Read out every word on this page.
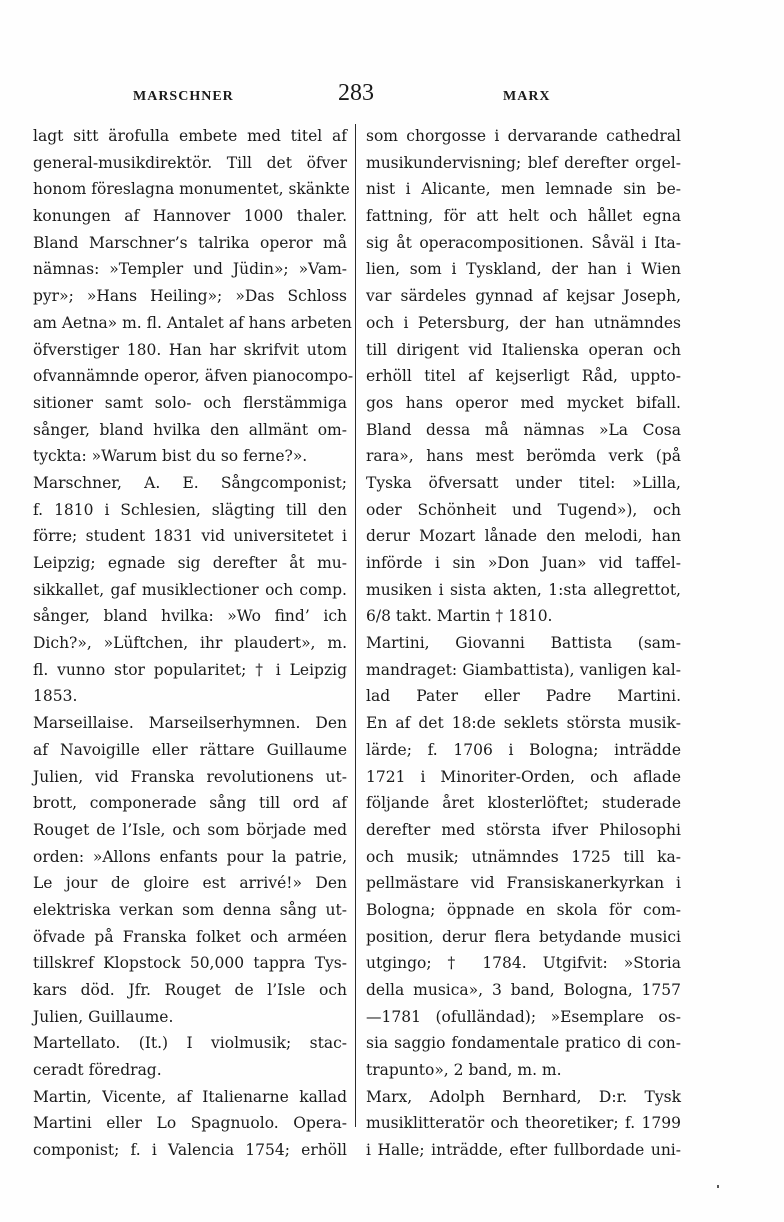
MARSCHNER	283	MARX
lagt sitt ärofulla embete med titel af
general-musikdirektör. Till det öfver
honom föreslagna monumentet, skänkte
konungen af Hannover 1000 thaler.
Bland Marschner’s talrika operor må
nämnas: »Templer und Jüdin»; »Vam-
pyr»; »Hans Heiling»; »Das Schloss
am Aetna» m. fl. Antalet af hans arbeten
öfverstiger 180. Han har skrifvit utom
ofvannämnde operor, äfven pianocompo-
sitioner samt solo- och flerstämmiga
sånger, bland hvilka den allmänt om-
tyckta: »Warum bist du so ferne?».
Marschner, A. E. Sångcomponist;
f. 1810 i Schlesien, slägting till den
förre; student 1831 vid universitetet i
Leipzig; egnade sig derefter åt mu-
sikkallet, gaf musiklectioner och comp.
sånger, bland hvilka: »Wo find’ ich
Dich?», »Lüftchen, ihr plaudert», m.
fl. vunno stor popularitet; † i Leipzig
1853.
Marseillaise. Marseilserhymnen. Den
af Navoigille eller rättare Guillaume
Julien, vid Franska revolutionens ut-
brott, componerade sång till ord af
Rouget de l’Isle, och som började med
orden: »Allons enfants pour la patrie,
Le jour de gloire est arrivé!» Den
elektriska verkan som denna sång ut-
öfvade på Franska folket och arméen
tillskref Klopstock 50,000 tappra Tys-
kars död. Jfr. Rouget de l’Isle och
Julien, Guillaume.
Martellato. (It.) I violmusik; stac-
ceradt föredrag.
Martin, Vicente, af Italienarne kallad
Martini eller Lo Spagnuolo. Opera-
componist; f. i Valencia 1754; erhöll
som chorgosse i dervarande cathedral
musikundervisning; blef derefter orgel-
nist i Alicante, men lemnade sin be-
fattning, för att helt och hållet egna
sig åt operacompositionen. Såväl i Ita-
lien, som i Tyskland, der han i Wien
var särdeles gynnad af kejsar Joseph,
och i Petersburg, der han utnämndes
till dirigent vid Italienska operan och
erhöll titel af kejserligt Råd, uppto-
gos hans operor med mycket bifall.
Bland dessa må nämnas »La Cosa
rara», hans mest berömda verk (på
Tyska öfversatt under titel: »Lilla,
oder Schönheit und Tugend»), och
derur Mozart lånade den melodi, han
införde i sin »Don Juan» vid taffel-
musiken i sista akten, 1:sta allegrettot,
6/8 takt. Martin † 1810.
Martini, Giovanni Battista (sam-
mandraget: Giambattista), vanligen kal-
lad Pater eller Padre Martini.
En af det 18:de seklets största musik-
lärde; f. 1706 i Bologna; inträdde
1721 i Minoriter-Orden, och aflade
följande året klosterlöftet; studerade
derefter med största ifver Philosophi
och musik; utnämndes 1725 till ka-
pellmästare vid Fransiskanerkyrkan i
Bologna; öppnade en skola för com-
position, derur flera betydande musici
utgingo; † 1784. Utgifvit: »Storia
della musica», 3 band, Bologna, 1757
—1781 (ofulländad); »Esemplare os-
sia saggio fondamentale pratico di con-
trapunto», 2 band, m. m.
Marx, Adolph Bernhard, D:r. Tysk
musiklitteratör och theoretiker; f. 1799
i Halle; inträdde, efter fullbordade uni-
